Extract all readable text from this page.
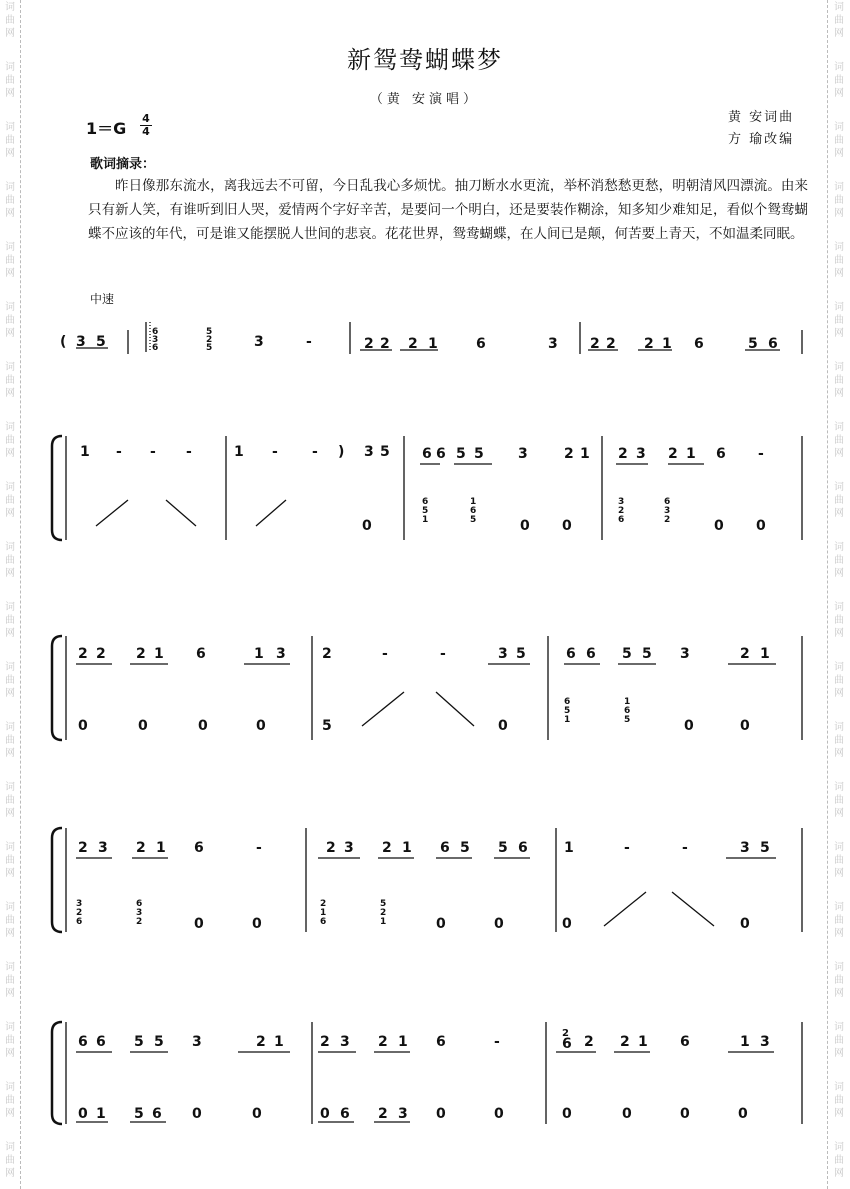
词
曲
网
词
曲
网
词
曲
网
词
曲
网
词
曲
网
词
曲
网
词
曲
网
词
曲
网
词
曲
网
词
曲
网
词
曲
网
词
曲
网
词
曲
网
词
曲
网
词
曲
网
词
曲
网
词
曲
网
词
曲
网
词
曲
网
词
曲
网
词
曲
网
词
曲
网
词
曲
网
词
曲
网
词
曲
网
词
曲
网
词
曲
网
词
曲
网
词
曲
网
词
曲
网
词
曲
网
词
曲
网
词
曲
网
词
曲
网
词
曲
网
词
曲
网
词
曲
网
词
曲
网
词
曲
网
词
曲
网
新鸳鸯蝴蝶梦
（黄 安演唱）
1＝G
4
4
黄 安词曲
方 瑜改编
歌词摘录：
昨日像那东流水，离我远去不可留，今日乱我心多烦忧。抽刀断水水更流，举杯消愁愁更愁，明朝清风四漂流。由来只有新人笑，有谁听到旧人哭，爱情两个字好辛苦，是要问一个明白，还是要装作糊涂，知多知少难知足，看似个鸳鸯蝴蝶不应该的年代，可是谁又能摆脱人世间的悲哀。花花世界，鸳鸯蝴蝶，在人间已是颠，何苦要上青天，不如温柔同眠。
中速
( 3 5
6
3
6
5
2
5	3	-	2 2 2 1	6	3 2 2 2 1 6	5 6
1 - - -	1 - - ) 3 5 6 6 5 5 3	2 1 2 3 2 1 6 -
0
6
5
1
1
6
5	0 0
3
2
6
6
3
2	0 0
2 2 2 1 6	1 3	2	-	-	3 5	6 6 5 5 3	2 1
0	0	0	0	5	0
6
5
1
1
6
5	0	0
2 3 2 1 6	-	2 3 2 1 6 5 5 6	1	-	-	3 5
3
2
6
6
3
2	0	0
2
1
6
5
2
1	0	0	0	0
6 6 5 5 3	2 1	2 3 2 1 6	-
2
6 2 2 1 6	1 3
0 1 5 6 0	0	0 6 2 3 0	0	0	0	0	0
